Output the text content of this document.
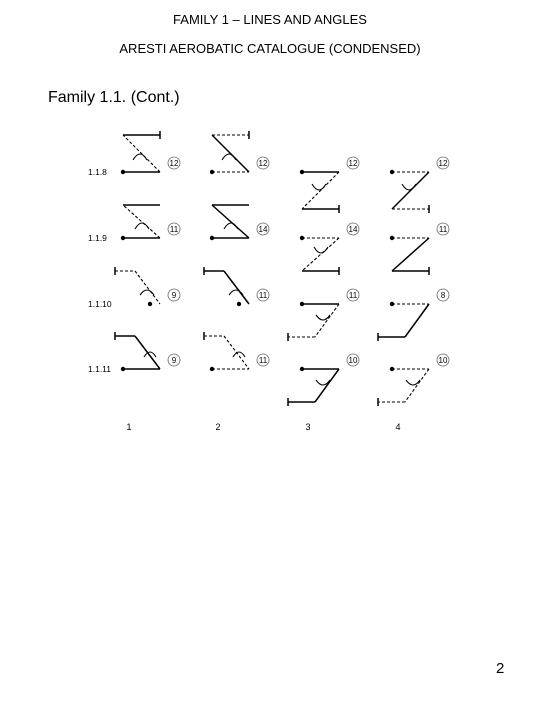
FAMILY 1 – LINES AND ANGLES
ARESTI AEROBATIC CATALOGUE (CONDENSED)
Family 1.1. (Cont.)
1.1.8
12	12	12	12
1.1.9
11	14	14	11
1.1.10
9	11	11	8
1.1.11
9	11	10	10
1	2	3	4
2
